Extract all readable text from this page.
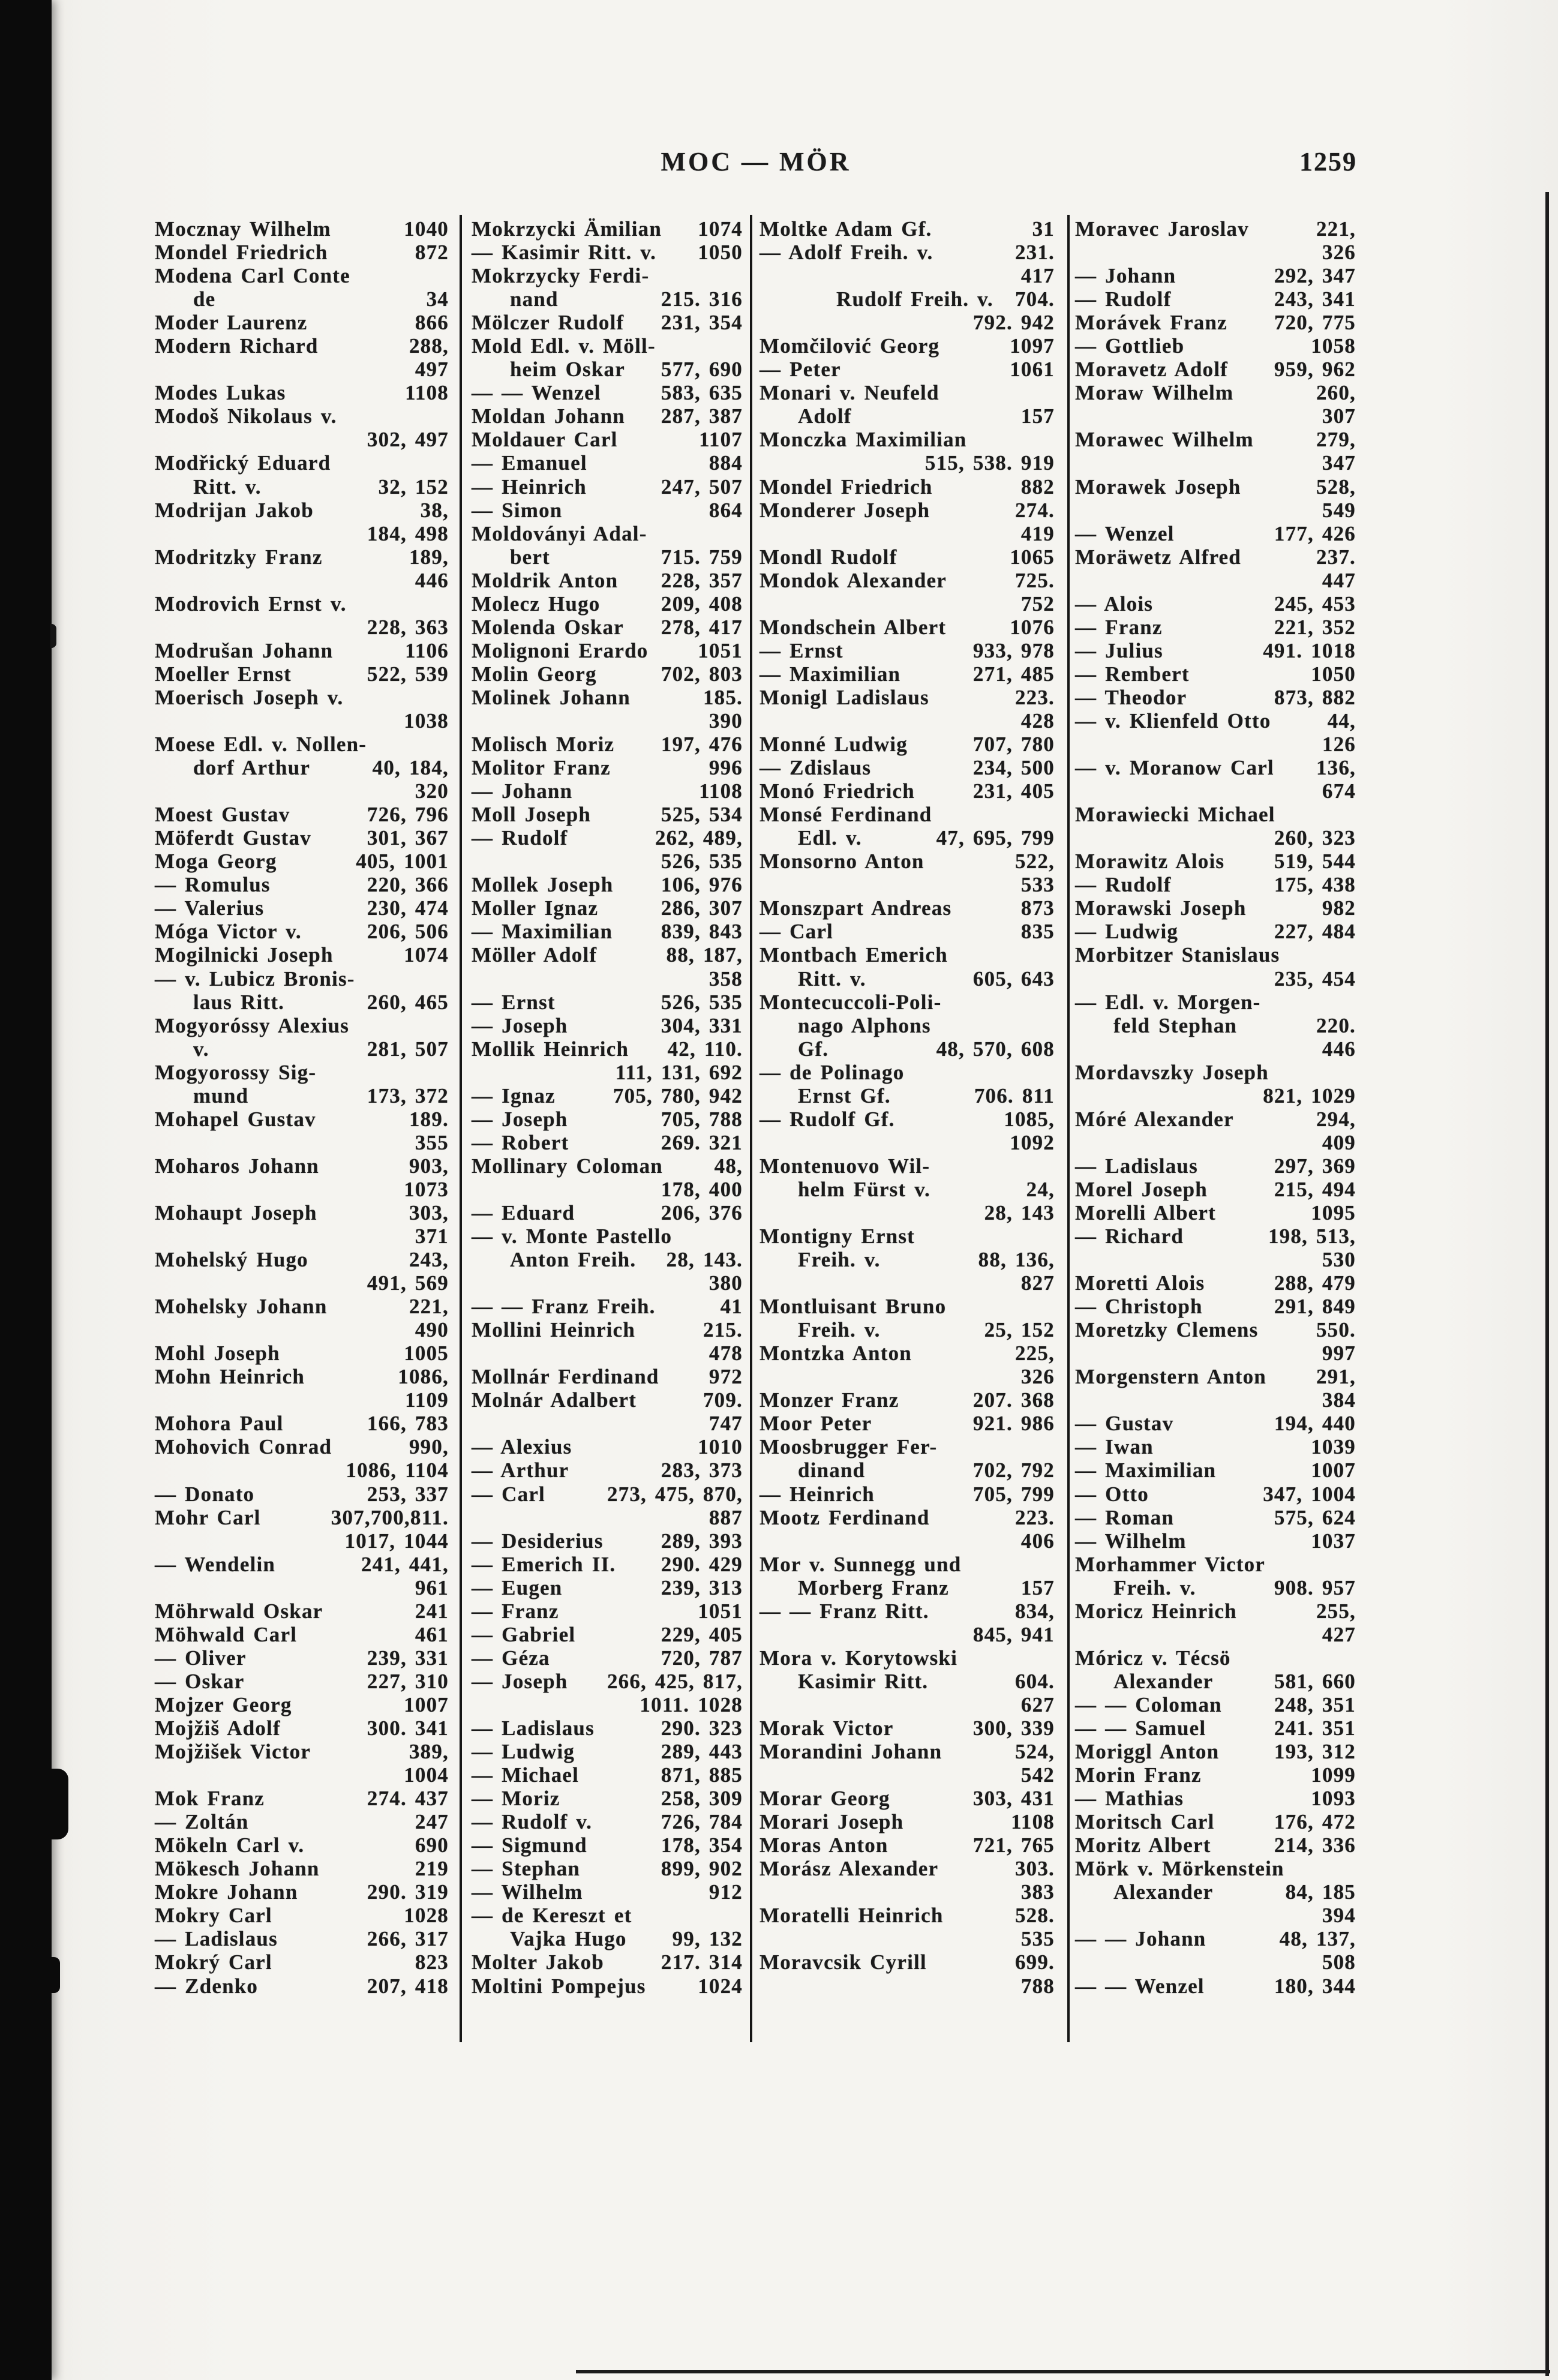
MOC — MÖR	1259
Mocznay Wilhelm	1040
Mondel Friedrich	872
Modena Carl Conte
de	34
Moder Laurenz	866
Modern Richard	288,
497
Modes Lukas	1108
Modoš Nikolaus v.
302, 497
Modřický Eduard
Ritt. v.	32, 152
Modrijan Jakob	38,
184, 498
Modritzky Franz	189,
446
Modrovich Ernst v.
228, 363
Modrušan Johann	1106
Moeller Ernst	522, 539
Moerisch Joseph v.
1038
Moese Edl. v. Nollen-
dorf Arthur	40, 184,
320
Moest Gustav	726, 796
Möferdt Gustav	301, 367
Moga Georg	405, 1001
— Romulus	220, 366
— Valerius	230, 474
Móga Victor v.	206, 506
Mogilnicki Joseph	1074
— v. Lubicz Bronis-
laus Ritt.	260, 465
Mogyoróssy Alexius
v.	281, 507
Mogyorossy Sig-
mund	173, 372
Mohapel Gustav	189.
355
Moharos Johann	903,
1073
Mohaupt Joseph	303,
371
Mohelský Hugo	243,
491, 569
Mohelsky Johann	221,
490
Mohl Joseph	1005
Mohn Heinrich	1086,
1109
Mohora Paul	166, 783
Mohovich Conrad	990,
1086, 1104
— Donato	253, 337
Mohr Carl	307,700,811.
1017, 1044
— Wendelin	241, 441,
961
Möhrwald Oskar	241
Möhwald Carl	461
— Oliver	239, 331
— Oskar	227, 310
Mojzer Georg	1007
Mojžiš Adolf	300. 341
Mojžišek Victor	389,
1004
Mok Franz	274. 437
— Zoltán	247
Mökeln Carl v.	690
Mökesch Johann	219
Mokre Johann	290. 319
Mokry Carl	1028
— Ladislaus	266, 317
Mokrý Carl	823
— Zdenko	207, 418
Mokrzycki Ämilian 1074
— Kasimir Ritt. v. 1050
Mokrzycky Ferdi-
nand	215. 316
Mölczer Rudolf 231, 354
Mold Edl. v. Möll-
heim Oskar 577, 690
— — Wenzel	583, 635
Moldan Johann 287, 387
Moldauer Carl	1107
— Emanuel	884
— Heinrich	247, 507
— Simon	864
Moldoványi Adal-
bert	715. 759
Moldrik Anton 228, 357
Molecz Hugo	209, 408
Molenda Oskar 278, 417
Molignoni Erardo 1051
Molin Georg	702, 803
Molinek Johann	185.
390
Molisch Moriz 197, 476
Molitor Franz	996
— Johann	1108
Moll Joseph	525, 534
— Rudolf	262, 489,
526, 535
Mollek Joseph 106, 976
Moller Ignaz	286, 307
— Maximilian 839, 843
Möller Adolf	88, 187,
358
— Ernst	526, 535
— Joseph	304, 331
Mollik Heinrich 42, 110.
111, 131, 692
— Ignaz	705, 780, 942
— Joseph	705, 788
— Robert	269. 321
Mollinary Coloman 48,
178, 400
— Eduard	206, 376
— v. Monte Pastello
Anton Freih. 28, 143.
380
— — Franz Freih.	41
Mollini Heinrich	215.
478
Mollnár Ferdinand 972
Molnár Adalbert	709.
747
— Alexius	1010
— Arthur	283, 373
— Carl	273, 475, 870,
887
— Desiderius	289, 393
— Emerich II. 290. 429
— Eugen	239, 313
— Franz	1051
— Gabriel	229, 405
— Géza	720, 787
— Joseph 266, 425, 817,
1011. 1028
— Ladislaus	290. 323
— Ludwig	289, 443
— Michael	871, 885
— Moriz	258, 309
— Rudolf v.	726, 784
— Sigmund	178, 354
— Stephan	899, 902
— Wilhelm	912
— de Kereszt et
Vajka Hugo 99, 132
Molter Jakob	217. 314
Moltini Pompejus 1024
Moltke Adam Gf.	31
— Adolf Freih. v.	231.
417
Rudolf Freih. v. 704.
792. 942
Momčilović Georg	1097
— Peter	1061
Monari v. Neufeld
Adolf	157
Monczka Maximilian
515, 538. 919
Mondel Friedrich	882
Monderer Joseph	274.
419
Mondl Rudolf	1065
Mondok Alexander	725.
752
Mondschein Albert	1076
— Ernst	933, 978
— Maximilian	271, 485
Monigl Ladislaus	223.
428
Monné Ludwig	707, 780
— Zdislaus	234, 500
Monó Friedrich	231, 405
Monsé Ferdinand
Edl. v.	47, 695, 799
Monsorno Anton	522,
533
Monszpart Andreas	873
— Carl	835
Montbach Emerich
Ritt. v.	605, 643
Montecuccoli-Poli-
nago Alphons
Gf.	48, 570, 608
— de Polinago
Ernst Gf.	706. 811
— Rudolf Gf.	1085,
1092
Montenuovo Wil-
helm Fürst v.	24,
28, 143
Montigny Ernst
Freih. v.	88, 136,
827
Montluisant Bruno
Freih. v.	25, 152
Montzka Anton	225,
326
Monzer Franz	207. 368
Moor Peter	921. 986
Moosbrugger Fer-
dinand	702, 792
— Heinrich	705, 799
Mootz Ferdinand	223.
406
Mor v. Sunnegg und
Morberg Franz	157
— — Franz Ritt.	834,
845, 941
Mora v. Korytowski
Kasimir Ritt.	604.
627
Morak Victor	300, 339
Morandini Johann	524,
542
Morar Georg	303, 431
Morari Joseph	1108
Moras Anton	721, 765
Morász Alexander	303.
383
Moratelli Heinrich	528.
535
Moravcsik Cyrill	699.
788
Moravec Jaroslav	221,
326
— Johann	292, 347
— Rudolf	243, 341
Morávek Franz 720, 775
— Gottlieb	1058
Moravetz Adolf 959, 962
Moraw Wilhelm	260,
307
Morawec Wilhelm	279,
347
Morawek Joseph	528,
549
— Wenzel	177, 426
Moräwetz Alfred	237.
447
— Alois	245, 453
— Franz	221, 352
— Julius	491. 1018
— Rembert	1050
— Theodor	873, 882
— v. Klienfeld Otto	44,
126
— v. Moranow Carl 136,
674
Morawiecki Michael
260, 323
Morawitz Alois 519, 544
— Rudolf	175, 438
Morawski Joseph	982
— Ludwig	227, 484
Morbitzer Stanislaus
235, 454
— Edl. v. Morgen-
feld Stephan	220.
446
Mordavszky Joseph
821, 1029
Móré Alexander	294,
409
— Ladislaus	297, 369
Morel Joseph	215, 494
Morelli Albert	1095
— Richard	198, 513,
530
Moretti Alois	288, 479
— Christoph	291, 849
Moretzky Clemens	550.
997
Morgenstern Anton 291,
384
— Gustav	194, 440
— Iwan	1039
— Maximilian	1007
— Otto	347, 1004
— Roman	575, 624
— Wilhelm	1037
Morhammer Victor
Freih. v.	908. 957
Moricz Heinrich	255,
427
Móricz v. Técsö
Alexander	581, 660
— — Coloman 248, 351
— — Samuel	241. 351
Moriggl Anton	193, 312
Morin Franz	1099
— Mathias	1093
Moritsch Carl	176, 472
Moritz Albert	214, 336
Mörk v. Mörkenstein
Alexander	84, 185
394
— — Johann	48, 137,
508
— — Wenzel	180, 344
